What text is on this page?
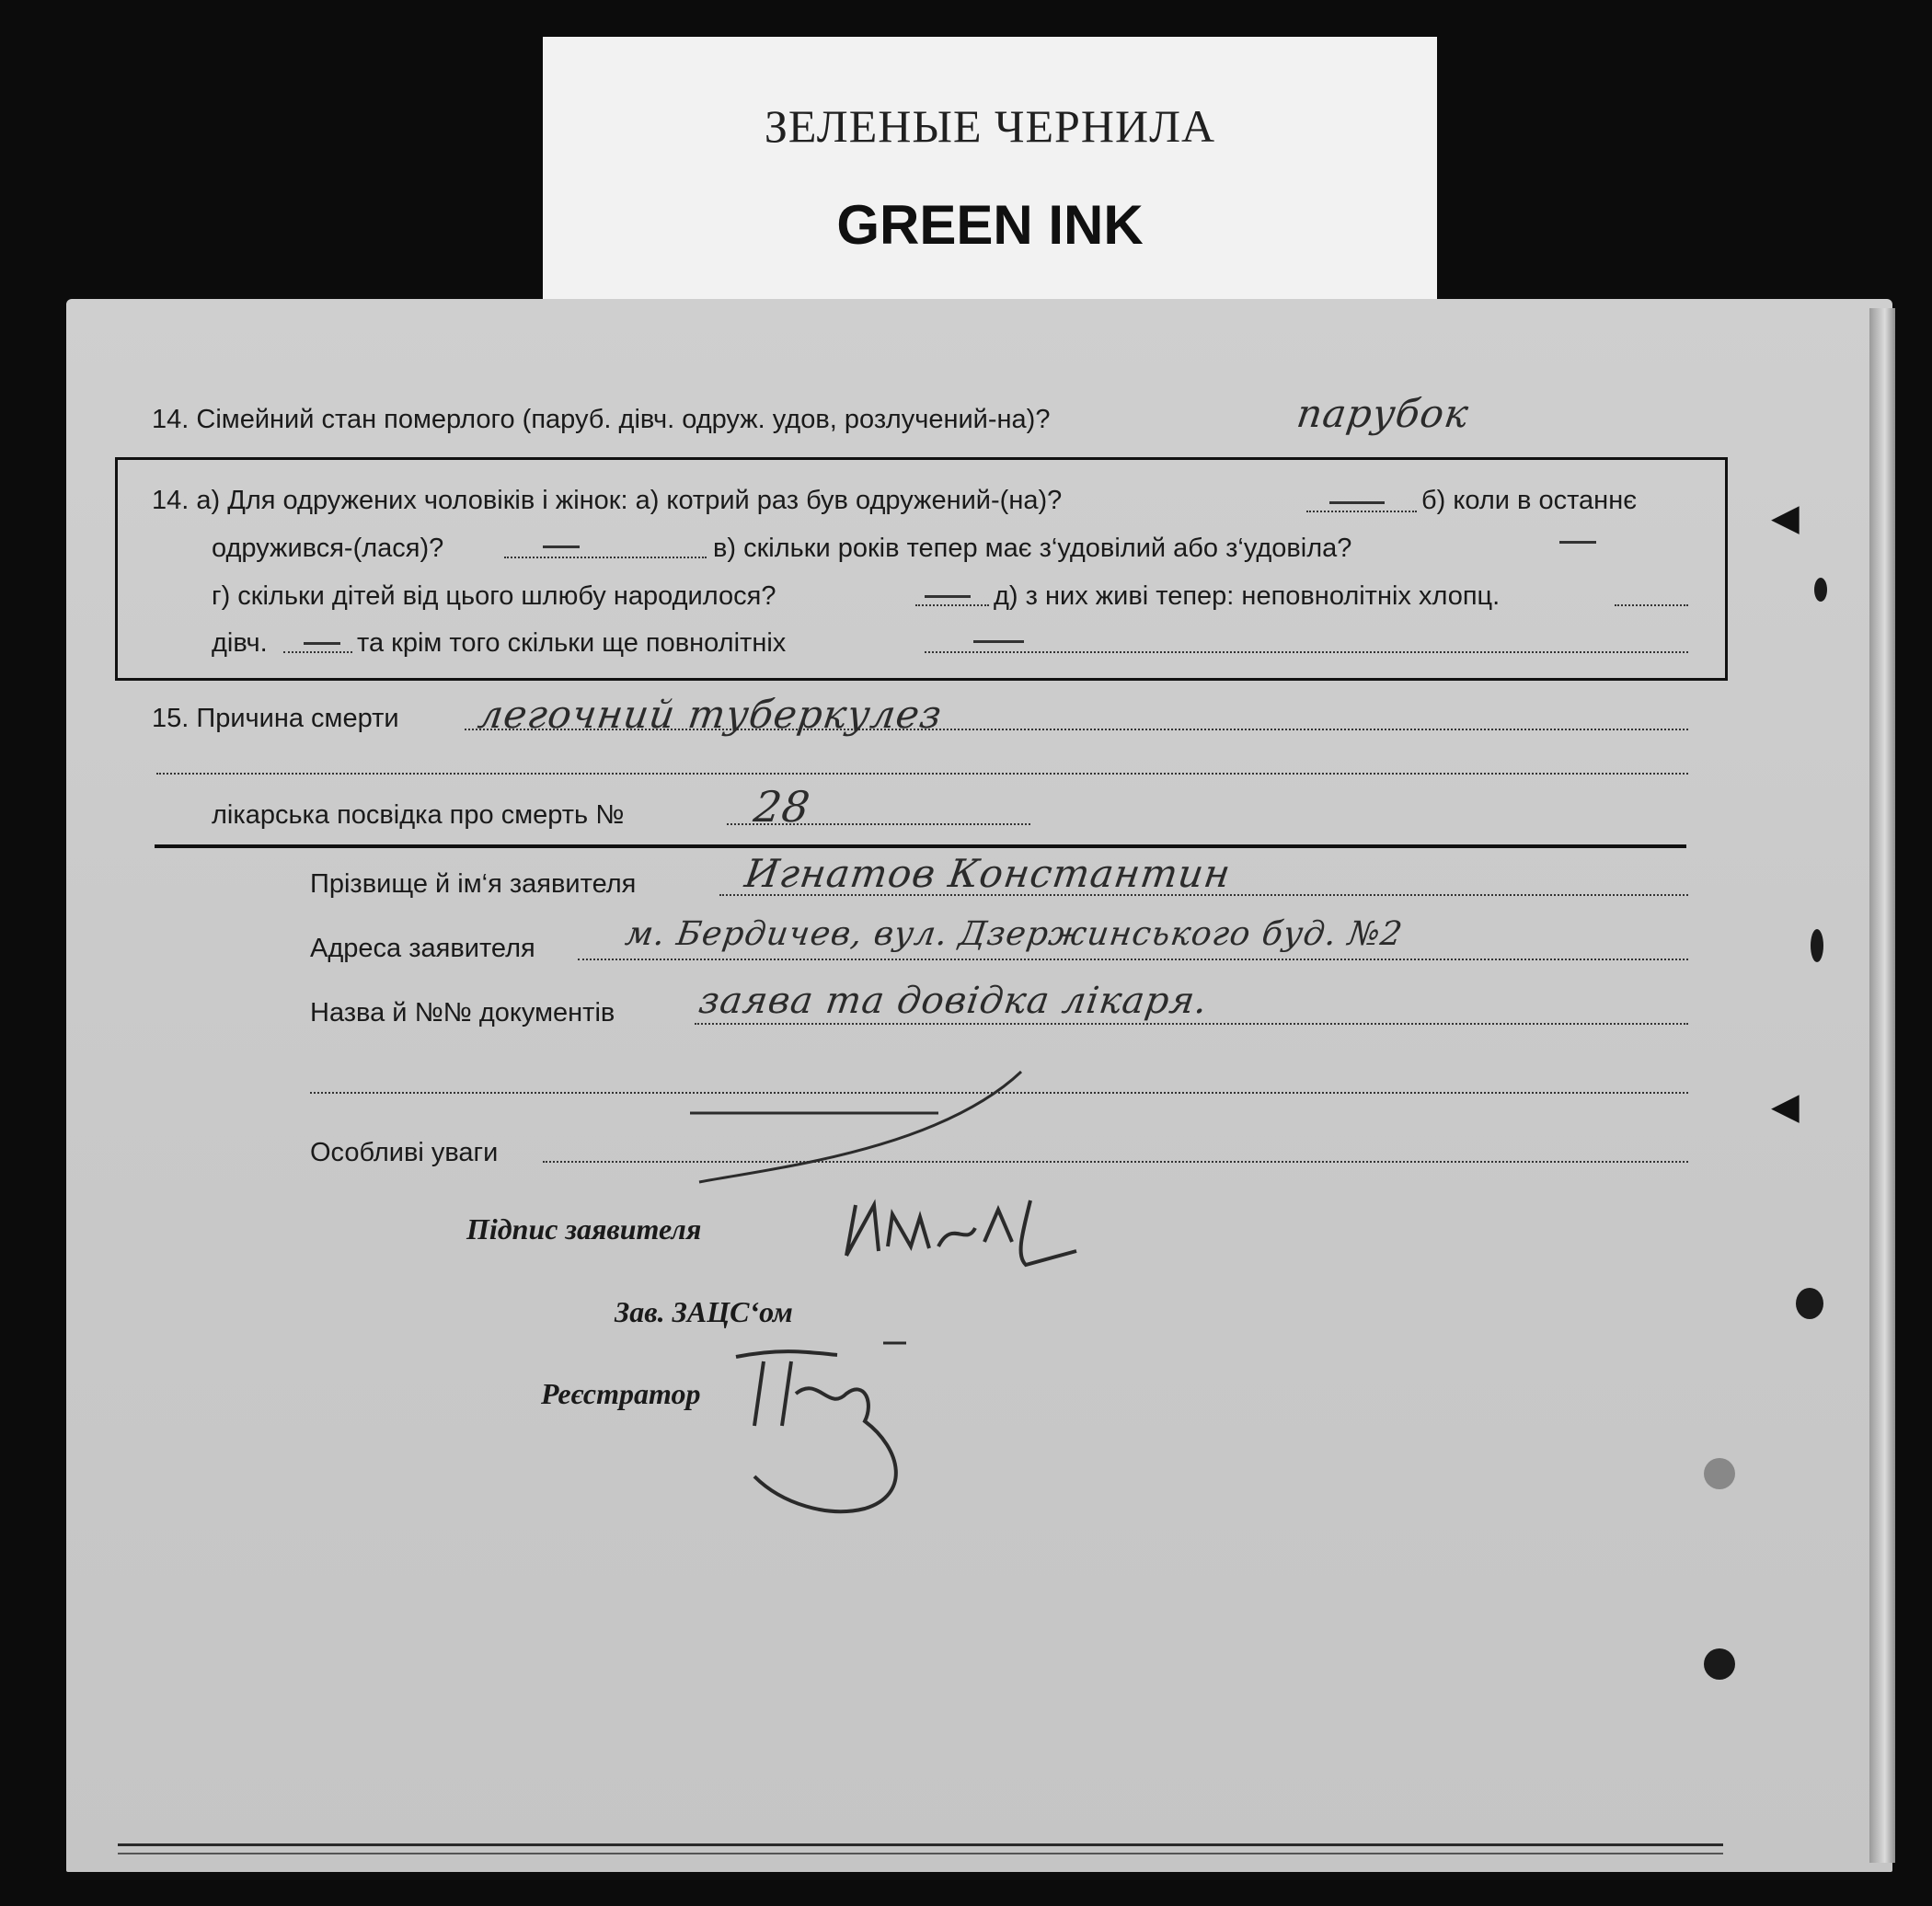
ЗЕЛЕНЫЕ ЧЕРНИЛА
GREEN INK
14. Сімейний стан померлого (паруб. дівч. одруж. удов, розлучений-на)?	парубок
14. а) Для одружених чоловіків і жінок: а) котрий раз був одружений-(на)?	б) коли в останнє
одружився-(лася)?	в) скільки років тепер має з‘удовілий або з‘удовіла?
г) скільки дітей від цього шлюбу народилося?	д) з них живі тепер: неповнолітніх хлопц.
дівч.	та крім того скільки ще повнолітніх
15. Причина смерти легочний туберкулез
лікарська посвідка про смерть №	28
Прізвище й ім‘я заявителя	Игнатов Константин
Адреса заявителя	м. Бердичев, вул. Дзержинського буд. №2
Назва й №№ документів заява та довідка лікаря.
Особливі уваги
Підпис заявителя
Зав. ЗАЦС‘ом
Реєстратор
◀
◀
